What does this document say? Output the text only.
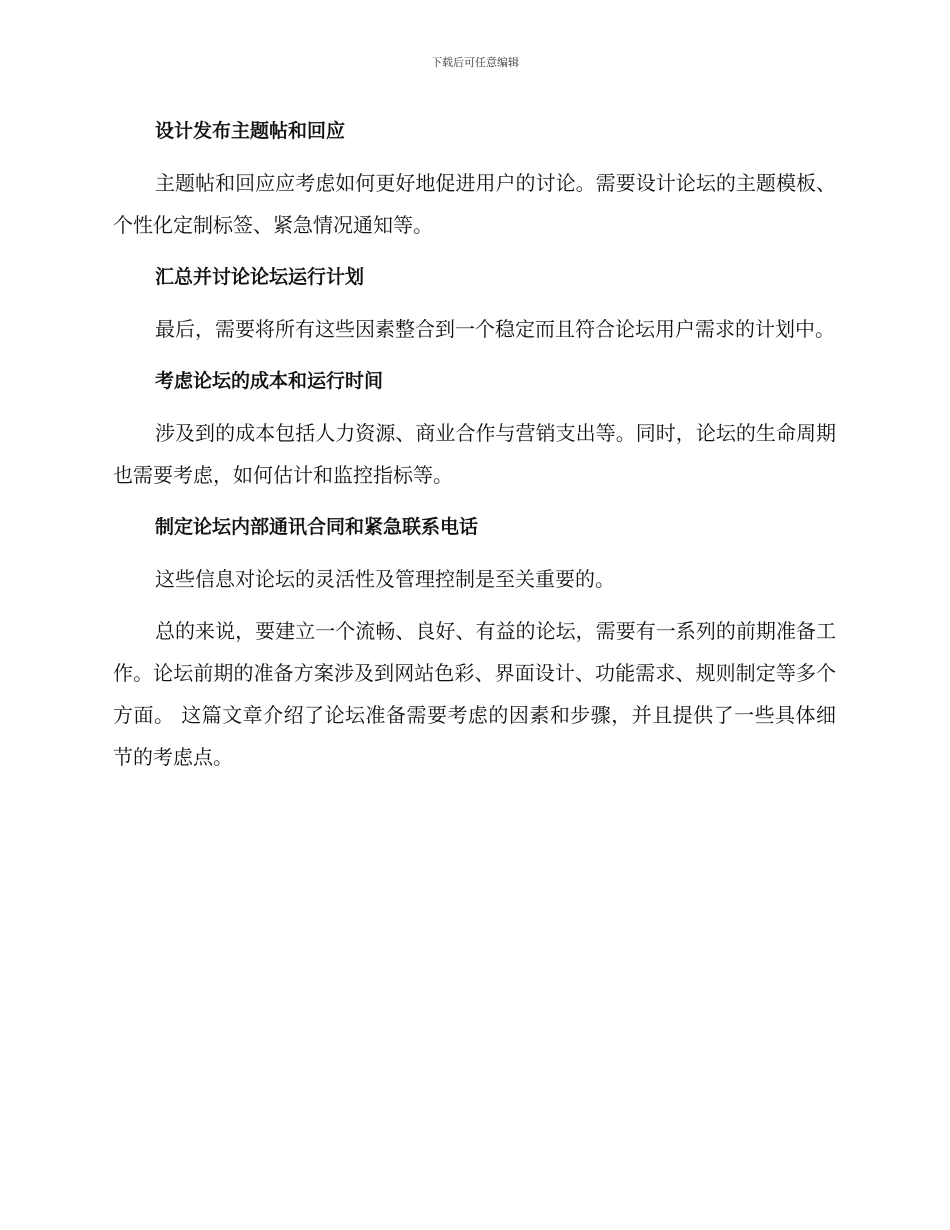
下载后可任意编辑
设计发布主题帖和回应
主题帖和回应应考虑如何更好地促进用户的讨论。需要设计论坛的主题模板、个性化定制标签、紧急情况通知等。
汇总并讨论论坛运行计划
最后，需要将所有这些因素整合到一个稳定而且符合论坛用户需求的计划中。
考虑论坛的成本和运行时间
涉及到的成本包括人力资源、商业合作与营销支出等。同时，论坛的生命周期也需要考虑，如何估计和监控指标等。
制定论坛内部通讯合同和紧急联系电话
这些信息对论坛的灵活性及管理控制是至关重要的。
总的来说，要建立一个流畅、良好、有益的论坛，需要有一系列的前期准备工作。论坛前期的准备方案涉及到网站色彩、界面设计、功能需求、规则制定等多个方面。 这篇文章介绍了论坛准备需要考虑的因素和步骤，并且提供了一些具体细节的考虑点。
